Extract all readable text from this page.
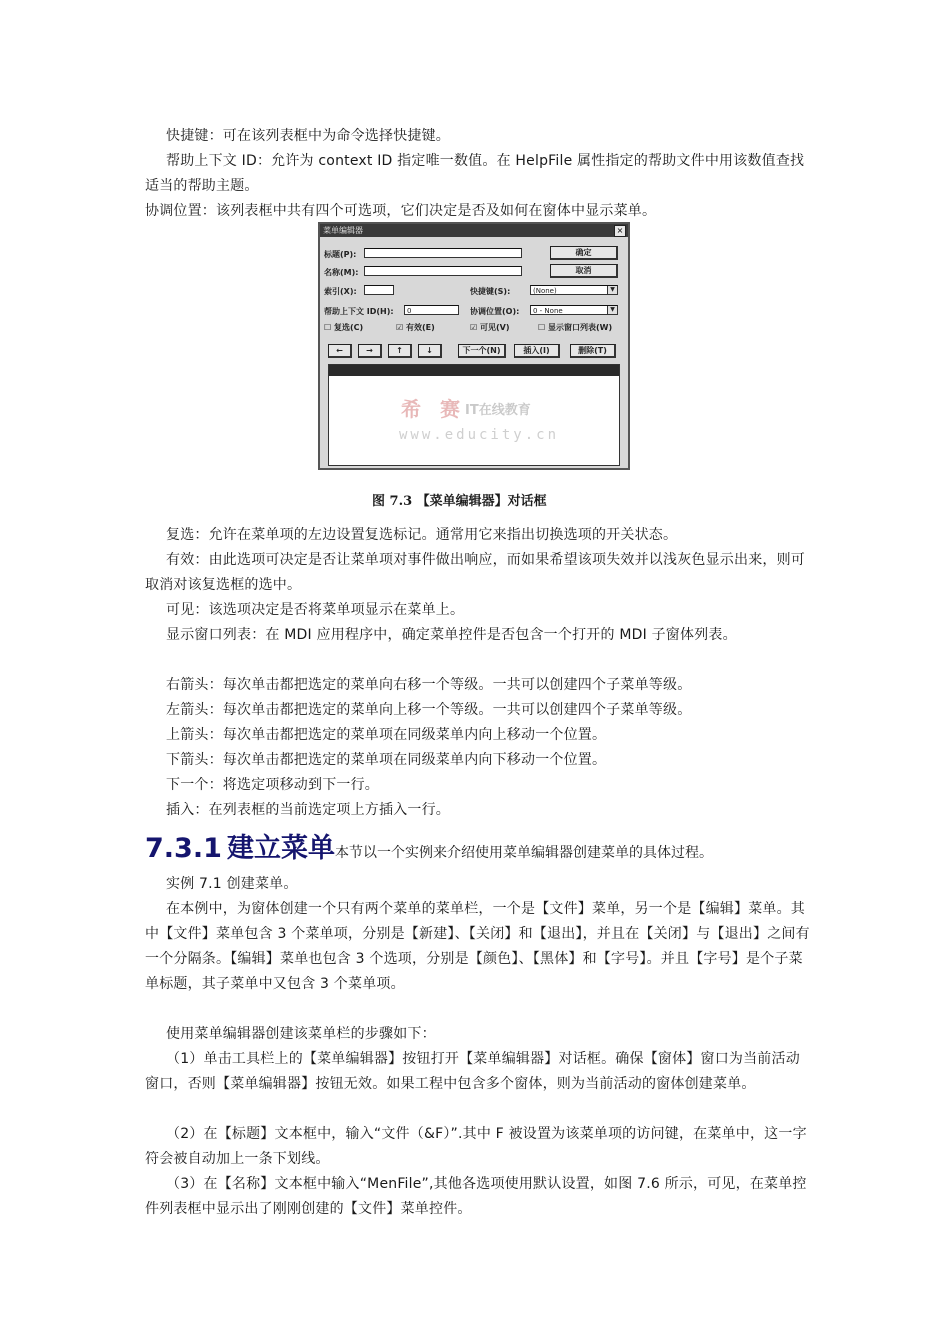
快捷键：可在该列表框中为命令选择快捷键。

帮助上下文 ID：允许为 context ID 指定唯一数值。在 HelpFile 属性指定的帮助文件中用该数值查找适当的帮助主题。

协调位置：该列表框中共有四个可选项，它们决定是否及如何在窗体中显示菜单。

菜单编辑器	×
标题(P):
名称(M):
确定
取消
索引(X):	快捷键(S):	(None)	▼
帮助上下文 ID(H):	0	协调位置(O):	0 - None	▼
☐ 复选(C)	☑ 有效(E)	☑ 可见(V)	☐ 显示窗口列表(W)
←	→	↑	↓	下一个(N)	插入(I)	删除(T)
希 赛 IT在线教育
www.educity.cn
图 7.3 【菜单编辑器】对话框

复选：允许在菜单项的左边设置复选标记。通常用它来指出切换选项的开关状态。

有效：由此选项可决定是否让菜单项对事件做出响应，而如果希望该项失效并以浅灰色显示出来，则可取消对该复选框的选中。

可见：该选项决定是否将菜单项显示在菜单上。

显示窗口列表：在 MDI 应用程序中，确定菜单控件是否包含一个打开的 MDI 子窗体列表。

右箭头：每次单击都把选定的菜单向右移一个等级。一共可以创建四个子菜单等级。

左箭头：每次单击都把选定的菜单向上移一个等级。一共可以创建四个子菜单等级。

上箭头：每次单击都把选定的菜单项在同级菜单内向上移动一个位置。

下箭头：每次单击都把选定的菜单项在同级菜单内向下移动一个位置。

下一个：将选定项移动到下一行。

插入：在列表框的当前选定项上方插入一行。

7.3.1 建立菜单本节以一个实例来介绍使用菜单编辑器创建菜单的具体过程。

实例 7.1 创建菜单。

在本例中，为窗体创建一个只有两个菜单的菜单栏，一个是【文件】菜单，另一个是【编辑】菜单。其中【文件】菜单包含 3 个菜单项，分别是【新建】、【关闭】和【退出】，并且在【关闭】与【退出】之间有一个分隔条。【编辑】菜单也包含 3 个选项，分别是【颜色】、【黑体】和【字号】。并且【字号】是个子菜单标题，其子菜单中又包含 3 个菜单项。

使用菜单编辑器创建该菜单栏的步骤如下：

（1）单击工具栏上的【菜单编辑器】按钮打开【菜单编辑器】对话框。确保【窗体】窗口为当前活动窗口，否则【菜单编辑器】按钮无效。如果工程中包含多个窗体，则为当前活动的窗体创建菜单。

（2）在【标题】文本框中，输入“文件（&F）”.其中 F 被设置为该菜单项的访问键，在菜单中，这一字符会被自动加上一条下划线。

（3）在【名称】文本框中输入“MenFile”,其他各选项使用默认设置，如图 7.6 所示，可见，在菜单控件列表框中显示出了刚刚创建的【文件】菜单控件。
